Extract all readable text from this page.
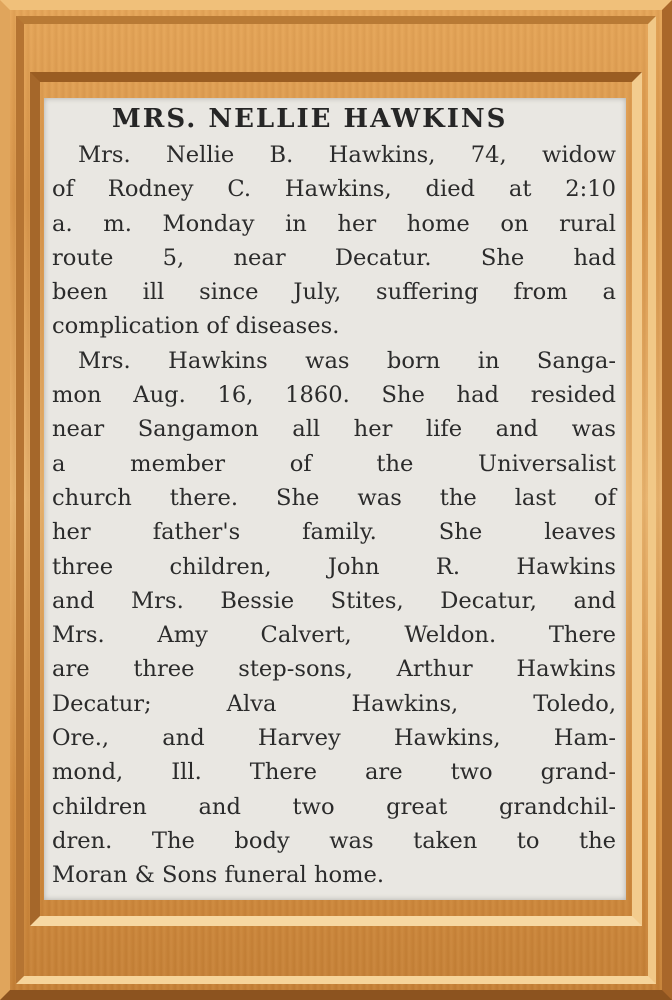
MRS. NELLIE HAWKINS
Mrs. Nellie B. Hawkins, 74, widow
of Rodney C. Hawkins, died at 2:10
a. m. Monday in her home on rural
route 5, near Decatur. She had
been ill since July, suffering from a
complication of diseases.
Mrs. Hawkins was born in Sanga-
mon Aug. 16, 1860. She had resided
near Sangamon all her life and was
a member of the Universalist
church there. She was the last of
her father's family. She leaves
three children, John R. Hawkins
and Mrs. Bessie Stites, Decatur, and
Mrs. Amy Calvert, Weldon. There
are three step-sons, Arthur Hawkins
Decatur; Alva Hawkins, Toledo,
Ore., and Harvey Hawkins, Ham-
mond, Ill. There are two grand-
children and two great grandchil-
dren. The body was taken to the
Moran & Sons funeral home.
